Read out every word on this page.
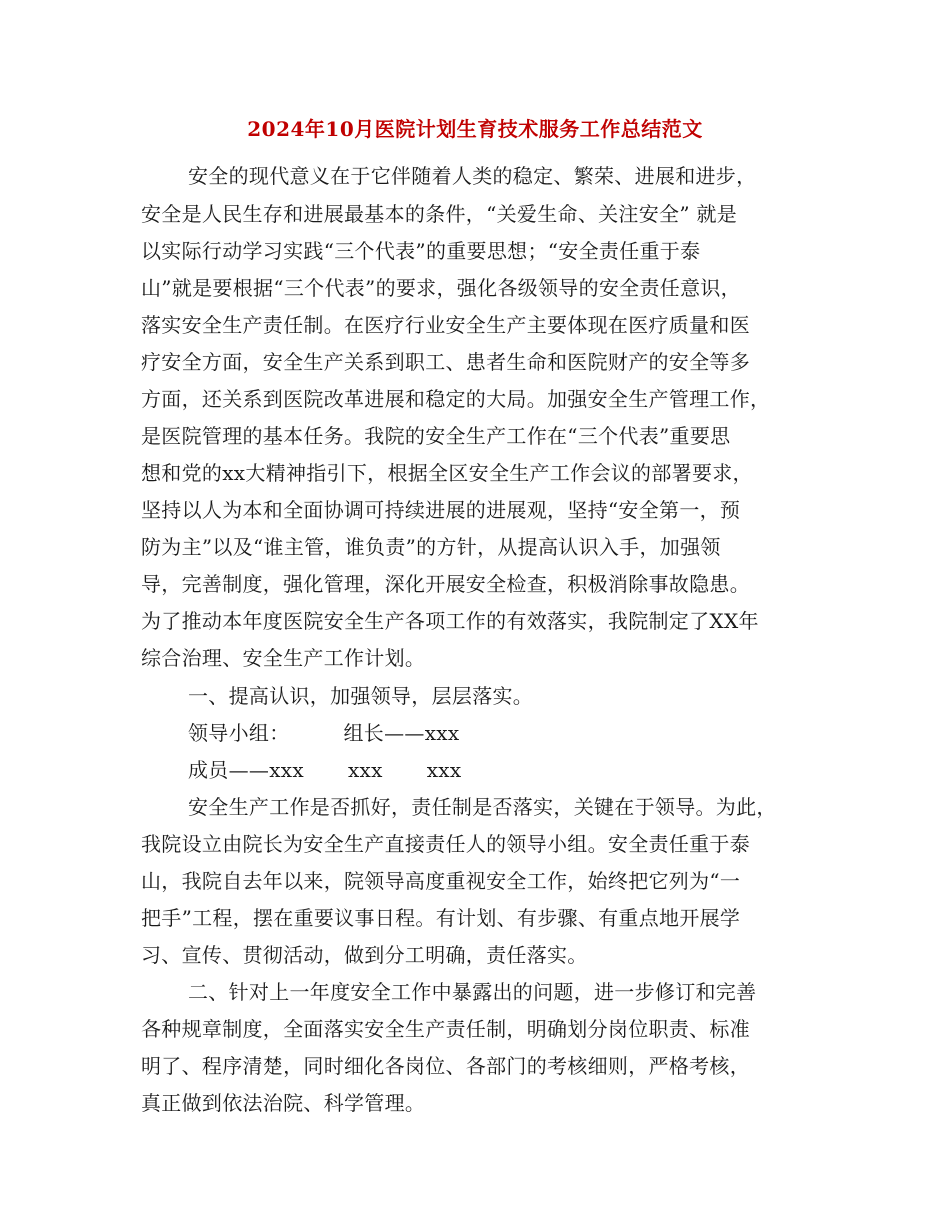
2024年10月医院计划生育技术服务工作总结范文
安全的现代意义在于它伴随着人类的稳定、繁荣、进展和进步，
安全是人民生存和进展最基本的条件，“关爱生命、关注安全” 就是
以实际行动学习实践“三个代表”的重要思想；“安全责任重于泰
山”就是要根据“三个代表”的要求，强化各级领导的安全责任意识，
落实安全生产责任制。在医疗行业安全生产主要体现在医疗质量和医
疗安全方面，安全生产关系到职工、患者生命和医院财产的安全等多
方面，还关系到医院改革进展和稳定的大局。加强安全生产管理工作，
是医院管理的基本任务。我院的安全生产工作在“三个代表”重要思
想和党的xx大精神指引下，根据全区安全生产工作会议的部署要求，
坚持以人为本和全面协调可持续进展的进展观，坚持“安全第一，预
防为主”以及“谁主管，谁负责”的方针，从提高认识入手，加强领
导，完善制度，强化管理，深化开展安全检查，积极消除事故隐患。
为了推动本年度医院安全生产各项工作的有效落实，我院制定了XX年
综合治理、安全生产工作计划。
一、提高认识，加强领导，层层落实。
领导小组：	组长——xxx
成员——xxx xxx xxx
安全生产工作是否抓好，责任制是否落实，关键在于领导。为此，
我院设立由院长为安全生产直接责任人的领导小组。安全责任重于泰
山，我院自去年以来，院领导高度重视安全工作，始终把它列为“一
把手”工程，摆在重要议事日程。有计划、有步骤、有重点地开展学
习、宣传、贯彻活动，做到分工明确，责任落实。
二、针对上一年度安全工作中暴露出的问题，进一步修订和完善
各种规章制度，全面落实安全生产责任制，明确划分岗位职责、标准
明了、程序清楚，同时细化各岗位、各部门的考核细则，严格考核，
真正做到依法治院、科学管理。
